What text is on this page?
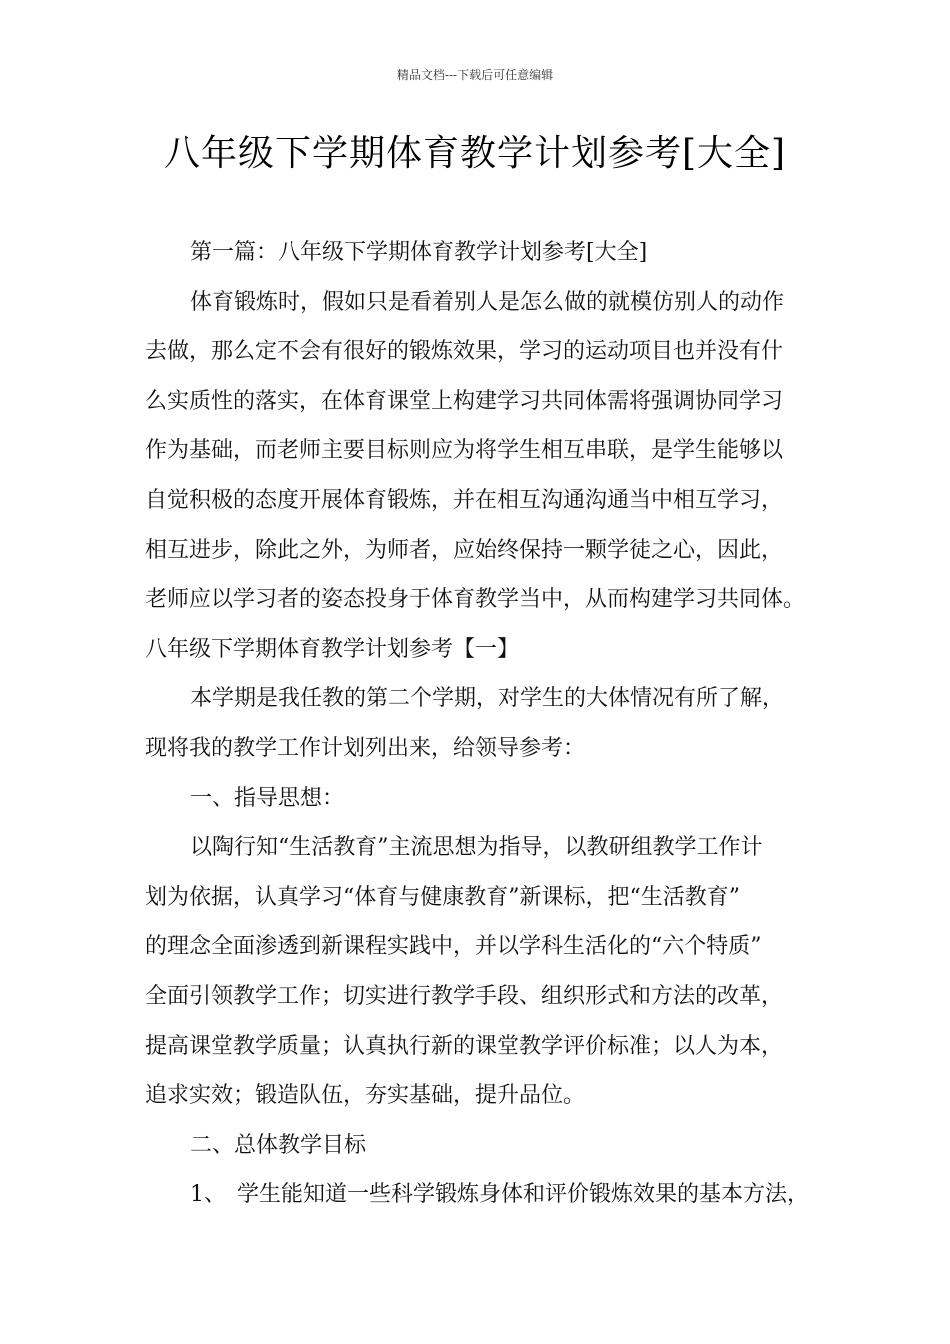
精品文档---下载后可任意编辑
八年级下学期体育教学计划参考[大全]
第一篇：八年级下学期体育教学计划参考[大全]
体育锻炼时，假如只是看着别人是怎么做的就模仿别人的动作
去做，那么定不会有很好的锻炼效果，学习的运动项目也并没有什
么实质性的落实，在体育课堂上构建学习共同体需将强调协同学习
作为基础，而老师主要目标则应为将学生相互串联，是学生能够以
自觉积极的态度开展体育锻炼，并在相互沟通沟通当中相互学习，
相互进步，除此之外，为师者，应始终保持一颗学徒之心，因此，
老师应以学习者的姿态投身于体育教学当中，从而构建学习共同体。
八年级下学期体育教学计划参考【一】
本学期是我任教的第二个学期，对学生的大体情况有所了解，
现将我的教学工作计划列出来，给领导参考：
一、指导思想：
以陶行知“生活教育”主流思想为指导，以教研组教学工作计
划为依据，认真学习“体育与健康教育”新课标，把“生活教育”
的理念全面渗透到新课程实践中，并以学科生活化的“六个特质”
全面引领教学工作；切实进行教学手段、组织形式和方法的改革，
提高课堂教学质量；认真执行新的课堂教学评价标准；以人为本，
追求实效；锻造队伍，夯实基础，提升品位。
二、总体教学目标
1、　学生能知道一些科学锻炼身体和评价锻炼效果的基本方法，
